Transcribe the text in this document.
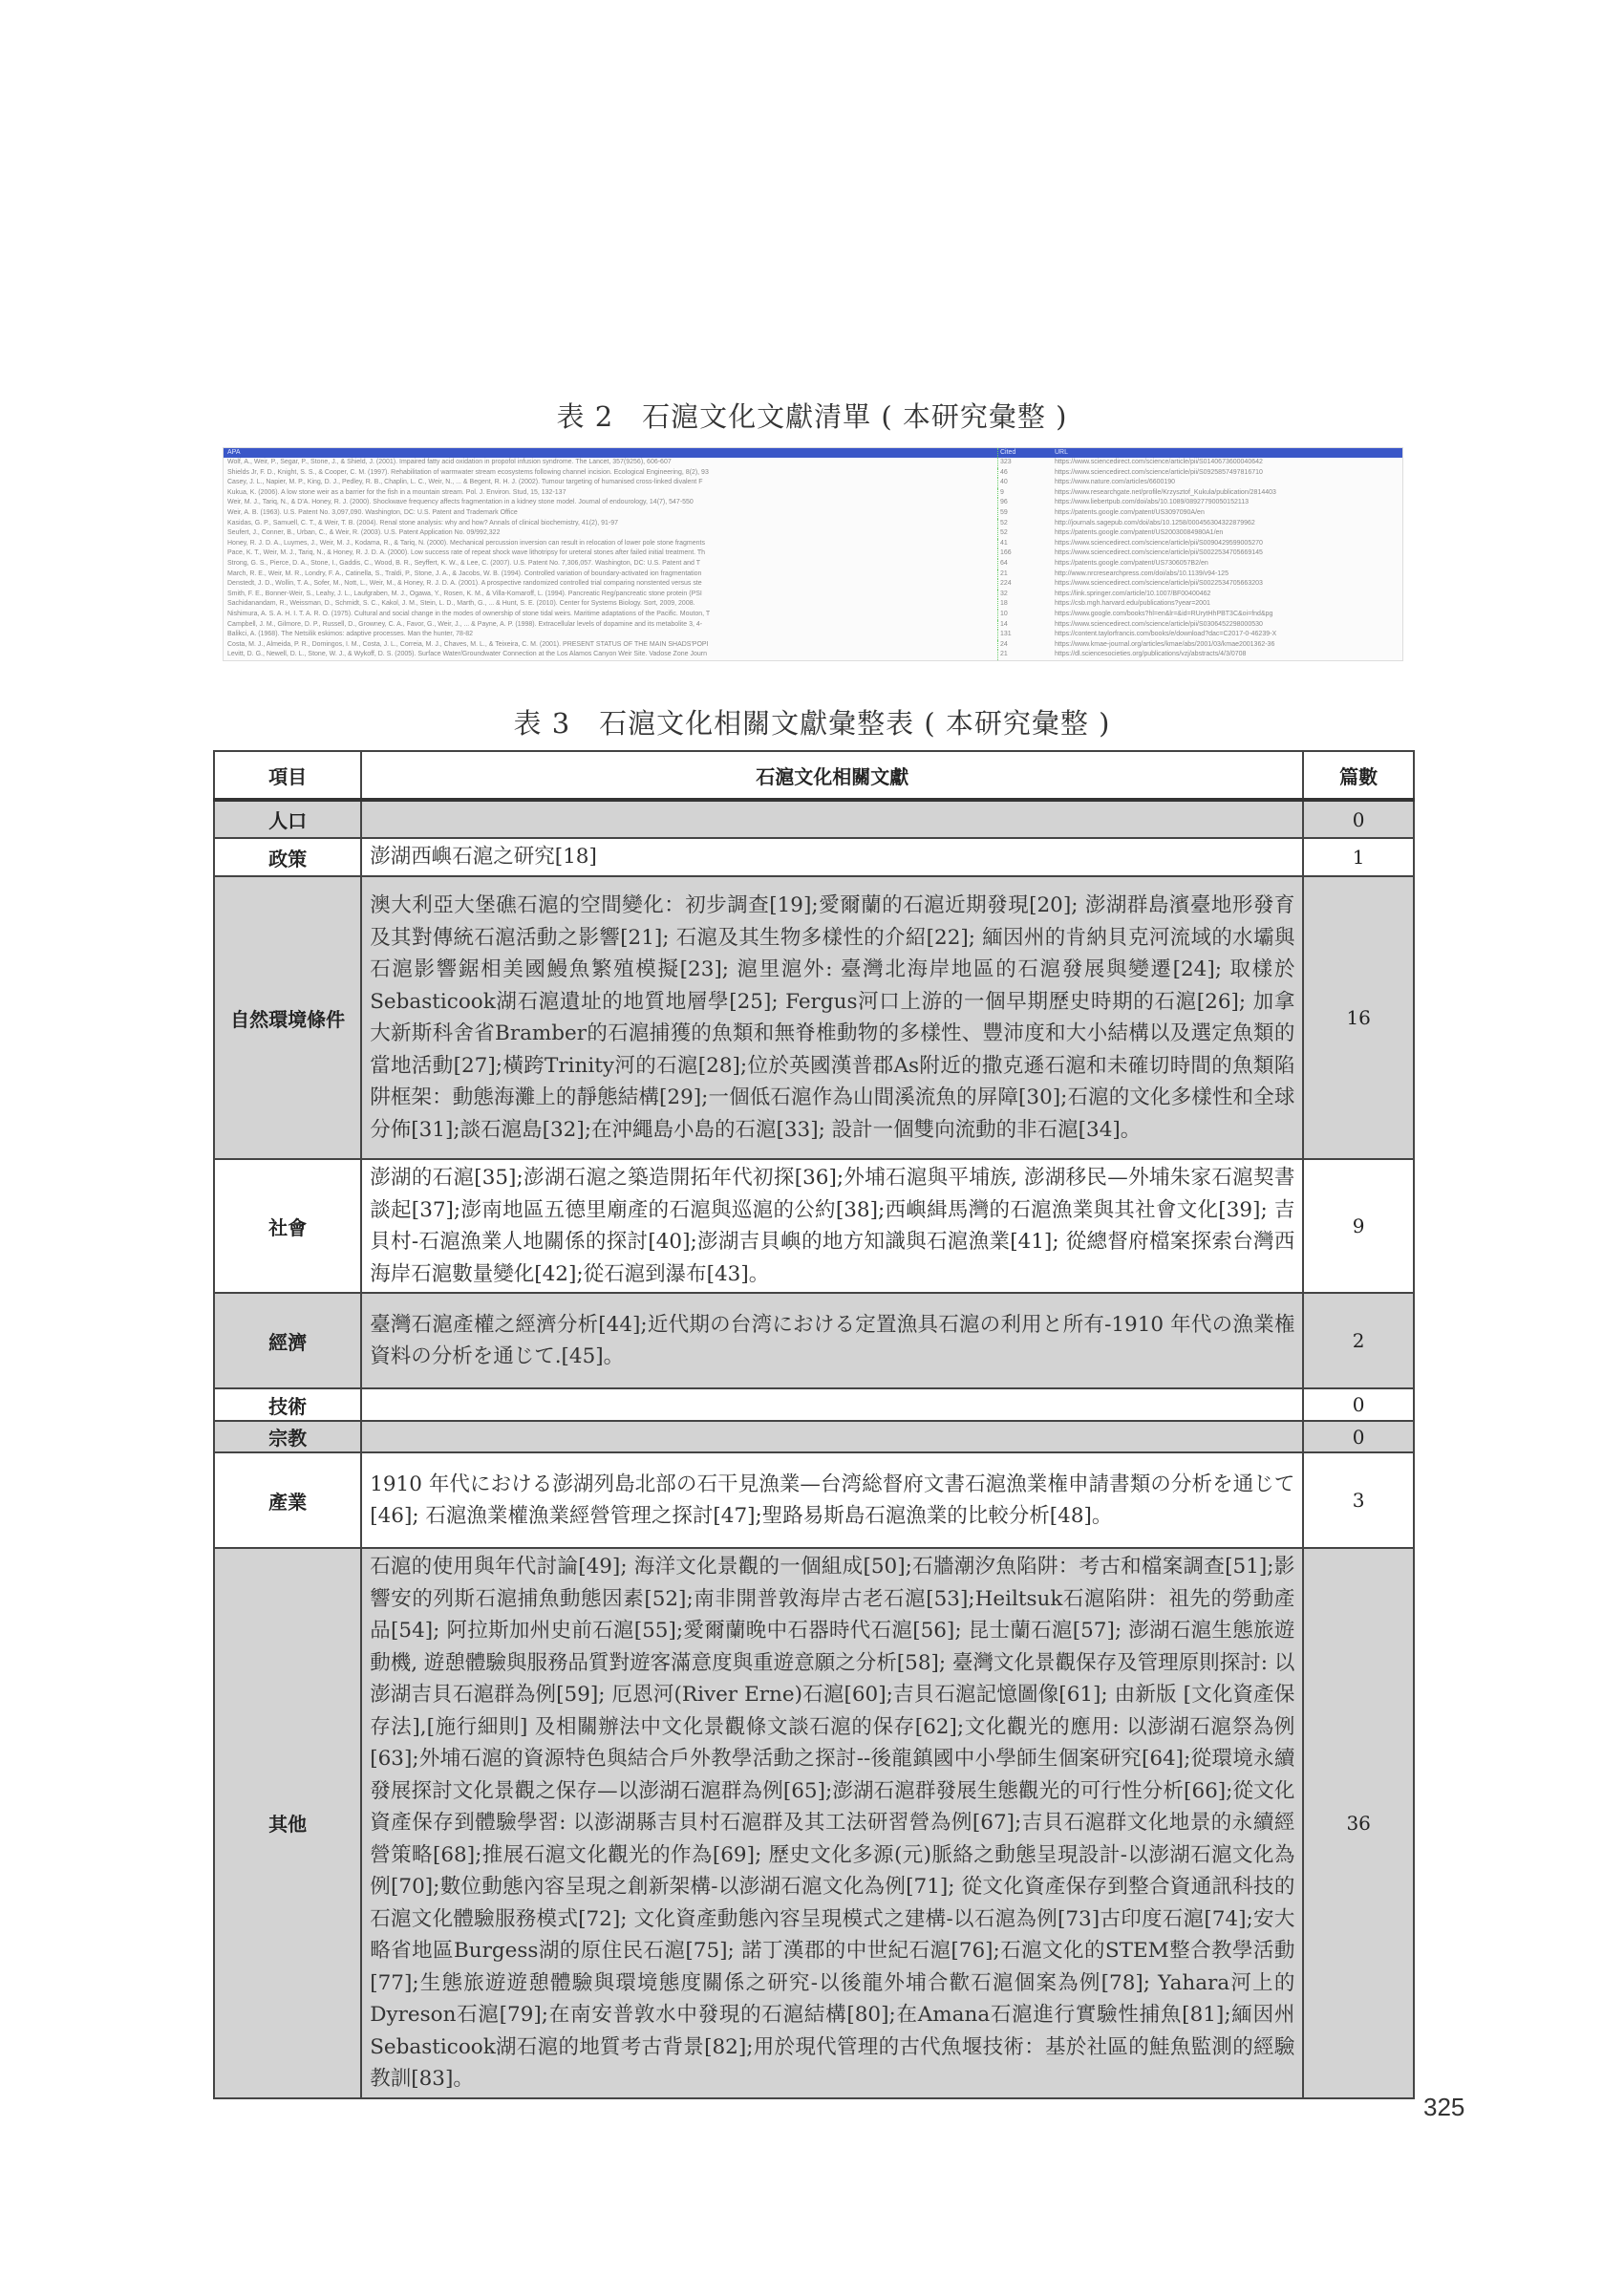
表 2　石滬文化文獻清單 ( 本研究彙整 )
APA	Cited	URL
Wolf, A., Weir, P., Segar, P., Stone, J., & Shield, J. (2001). Impaired fatty acid oxidation in propofol infusion syndrome. The Lancet, 357(9256), 606-607	323	https://www.sciencedirect.com/science/article/pii/S0140673600040642
Shields Jr, F. D., Knight, S. S., & Cooper, C. M. (1997). Rehabilitation of warmwater stream ecosystems following channel incision. Ecological Engineering, 8(2), 93	46	https://www.sciencedirect.com/science/article/pii/S0925857497816710
Casey, J. L., Napier, M. P., King, D. J., Pedley, R. B., Chaplin, L. C., Weir, N., ... & Begent, R. H. J. (2002). Tumour targeting of humanised cross-linked divalent F	40	https://www.nature.com/articles/6600190
Kukua, K. (2006). A low stone weir as a barrier for the fish in a mountain stream. Pol. J. Environ. Stud, 15, 132-137	9	https://www.researchgate.net/profile/Krzysztof_Kukula/publication/2814403
Weir, M. J., Tariq, N., & D'A. Honey, R. J. (2000). Shockwave frequency affects fragmentation in a kidney stone model. Journal of endourology, 14(7), 547-550	96	https://www.liebertpub.com/doi/abs/10.1089/08927790050152113
Weir, A. B. (1963). U.S. Patent No. 3,097,090. Washington, DC: U.S. Patent and Trademark Office	59	https://patents.google.com/patent/US3097090A/en
Kasidas, G. P., Samuell, C. T., & Weir, T. B. (2004). Renal stone analysis: why and how? Annals of clinical biochemistry, 41(2), 91-97	52	http://journals.sagepub.com/doi/abs/10.1258/000456304322879962
Seufert, J., Conner, B., Urban, C., & Weir, R. (2003). U.S. Patent Application No. 09/992,322	52	https://patents.google.com/patent/US20030084980A1/en
Honey, R. J. D. A., Luymes, J., Weir, M. J., Kodama, R., & Tariq, N. (2000). Mechanical percussion inversion can result in relocation of lower pole stone fragments	41	https://www.sciencedirect.com/science/article/pii/S0090429599005270
Pace, K. T., Weir, M. J., Tariq, N., & Honey, R. J. D. A. (2000). Low success rate of repeat shock wave lithotripsy for ureteral stones after failed initial treatment. Th	166	https://www.sciencedirect.com/science/article/pii/S0022534705669145
Strong, G. S., Pierce, D. A., Stone, I., Gaddis, C., Wood, B. R., Seyffert, K. W., & Lee, C. (2007). U.S. Patent No. 7,306,057. Washington, DC: U.S. Patent and T	64	https://patents.google.com/patent/US7306057B2/en
March, R. E., Weir, M. R., Londry, F. A., Catinella, S., Traldi, P., Stone, J. A., & Jacobs, W. B. (1994). Controlled variation of boundary-activated ion fragmentation	21	http://www.nrcresearchpress.com/doi/abs/10.1139/v94-125
Denstedt, J. D., Wollin, T. A., Sofer, M., Nott, L., Weir, M., & Honey, R. J. D. A. (2001). A prospective randomized controlled trial comparing nonstented versus ste	224	https://www.sciencedirect.com/science/article/pii/S0022534705663203
Smith, F. E., Bonner-Weir, S., Leahy, J. L., Laufgraben, M. J., Ogawa, Y., Rosen, K. M., & Villa-Komaroff, L. (1994). Pancreatic Reg/pancreatic stone protein (PSI	32	https://link.springer.com/article/10.1007/BF00400462
Sachidanandam, R., Weissman, D., Schmidt, S. C., Kakol, J. M., Stein, L. D., Marth, G., ... & Hunt, S. E. (2010). Center for Systems Biology. Sort, 2009, 2008.	18	https://csb.mgh.harvard.edu/publications?year=2001
Nishimura, A. S. A. H. I. T. A. R. O. (1975). Cultural and social change in the modes of ownership of stone tidal weirs. Maritime adaptations of the Pacific. Mouton, T	10	https://www.google.com/books?hl=en&lr=&id=RUrytHhPBT3C&oi=fnd&pg
Campbell, J. M., Gilmore, D. P., Russell, D., Growney, C. A., Favor, G., Weir, J., ... & Payne, A. P. (1998). Extracellular levels of dopamine and its metabolite 3, 4-	14	https://www.sciencedirect.com/science/article/pii/S0306452298000530
Balikci, A. (1968). The Netsilik eskimos: adaptive processes. Man the hunter, 78-82	131	https://content.taylorfrancis.com/books/e/download?dac=C2017-0-46239-X
Costa, M. J., Almeida, P. R., Domingos, I. M., Costa, J. L., Correia, M. J., Chaves, M. L., & Teixeira, C. M. (2001). PRESENT STATUS OF THE MAIN SHADS'POPI	24	https://www.kmae-journal.org/articles/kmae/abs/2001/03/kmae2001362-36
Levitt, D. G., Newell, D. L., Stone, W. J., & Wykoff, D. S. (2005). Surface Water/Groundwater Connection at the Los Alamos Canyon Weir Site. Vadose Zone Journ	21	https://dl.sciencesocieties.org/publications/vzj/abstracts/4/3/0708
表 3　石滬文化相關文獻彙整表 ( 本研究彙整 )
項目	石滬文化相關文獻	篇數
人口		0
政策	澎湖西嶼石滬之研究[18]	1
自然環境條件	澳大利亞大堡礁石滬的空間變化：初步調查[19];愛爾蘭的石滬近期發現[20]; 澎湖群島濱臺地形發育及其對傳統石滬活動之影響[21]; 石滬及其生物多樣性的介紹[22]; 緬因州的肯納貝克河流域的水壩與石滬影響鋸相美國鰻魚繁殖模擬[23]; 滬里滬外: 臺灣北海岸地區的石滬發展與變遷[24]; 取樣於Sebasticook湖石滬遺址的地質地層學[25]; Fergus河口上游的一個早期歷史時期的石滬[26]; 加拿大新斯科舍省Bramber的石滬捕獲的魚類和無脊椎動物的多樣性、豐沛度和大小結構以及選定魚類的當地活動[27];橫跨Trinity河的石滬[28];位於英國漢普郡As附近的撒克遜石滬和未確切時間的魚類陷阱框架：動態海灘上的靜態結構[29];一個低石滬作為山間溪流魚的屏障[30];石滬的文化多樣性和全球分佈[31];談石滬島[32];在沖繩島小島的石滬[33]; 設計一個雙向流動的非石滬[34]。	16
社會	澎湖的石滬[35];澎湖石滬之築造開拓年代初探[36];外埔石滬與平埔族, 澎湖移民—外埔朱家石滬契書談起[37];澎南地區五德里廟產的石滬與巡滬的公約[38];西嶼緝馬灣的石滬漁業與其社會文化[39]; 吉貝村-石滬漁業人地關係的探討[40];澎湖吉貝嶼的地方知識與石滬漁業[41]; 從總督府檔案探索台灣西海岸石滬數量變化[42];從石滬到瀑布[43]。	9
經濟	臺灣石滬產權之經濟分析[44];近代期の台湾における定置漁具石滬の利用と所有-1910 年代の漁業権資料の分析を通じて.[45]。	2
技術		0
宗教		0
產業	1910 年代における澎湖列島北部の石干見漁業—台湾総督府文書石滬漁業権申請書類の分析を通じて[46]; 石滬漁業權漁業經營管理之探討[47];聖路易斯島石滬漁業的比較分析[48]。	3
其他	石滬的使用與年代討論[49]; 海洋文化景觀的一個組成[50];石牆潮汐魚陷阱：考古和檔案調查[51];影響安的列斯石滬捕魚動態因素[52];南非開普敦海岸古老石滬[53];Heiltsuk石滬陷阱：祖先的勞動產品[54]; 阿拉斯加州史前石滬[55];愛爾蘭晚中石器時代石滬[56]; 昆士蘭石滬[57]; 澎湖石滬生態旅遊動機, 遊憩體驗與服務品質對遊客滿意度與重遊意願之分析[58]; 臺灣文化景觀保存及管理原則探討: 以澎湖吉貝石滬群為例[59]; 厄恩河(River Erne)石滬[60];吉貝石滬記憶圖像[61]; 由新版 [文化資產保存法],[施行細則] 及相關辦法中文化景觀條文談石滬的保存[62];文化觀光的應用: 以澎湖石滬祭為例[63];外埔石滬的資源特色與結合戶外教學活動之探討--後龍鎮國中小學師生個案研究[64];從環境永續發展探討文化景觀之保存—以澎湖石滬群為例[65];澎湖石滬群發展生態觀光的可行性分析[66];從文化資產保存到體驗學習: 以澎湖縣吉貝村石滬群及其工法研習營為例[67];吉貝石滬群文化地景的永續經營策略[68];推展石滬文化觀光的作為[69]; 歷史文化多源(元)脈絡之動態呈現設計-以澎湖石滬文化為例[70];數位動態內容呈現之創新架構-以澎湖石滬文化為例[71]; 從文化資產保存到整合資通訊科技的石滬文化體驗服務模式[72]; 文化資產動態內容呈現模式之建構-以石滬為例[73]古印度石滬[74];安大略省地區Burgess湖的原住民石滬[75]; 諾丁漢郡的中世紀石滬[76];石滬文化的STEM整合教學活動[77];生態旅遊遊憩體驗與環境態度關係之研究-以後龍外埔合歡石滬個案為例[78]; Yahara河上的Dyreson石滬[79];在南安普敦水中發現的石滬結構[80];在Amana石滬進行實驗性捕魚[81];緬因州Sebasticook湖石滬的地質考古背景[82];用於現代管理的古代魚堰技術：基於社區的鮭魚監測的經驗教訓[83]。	36
325
